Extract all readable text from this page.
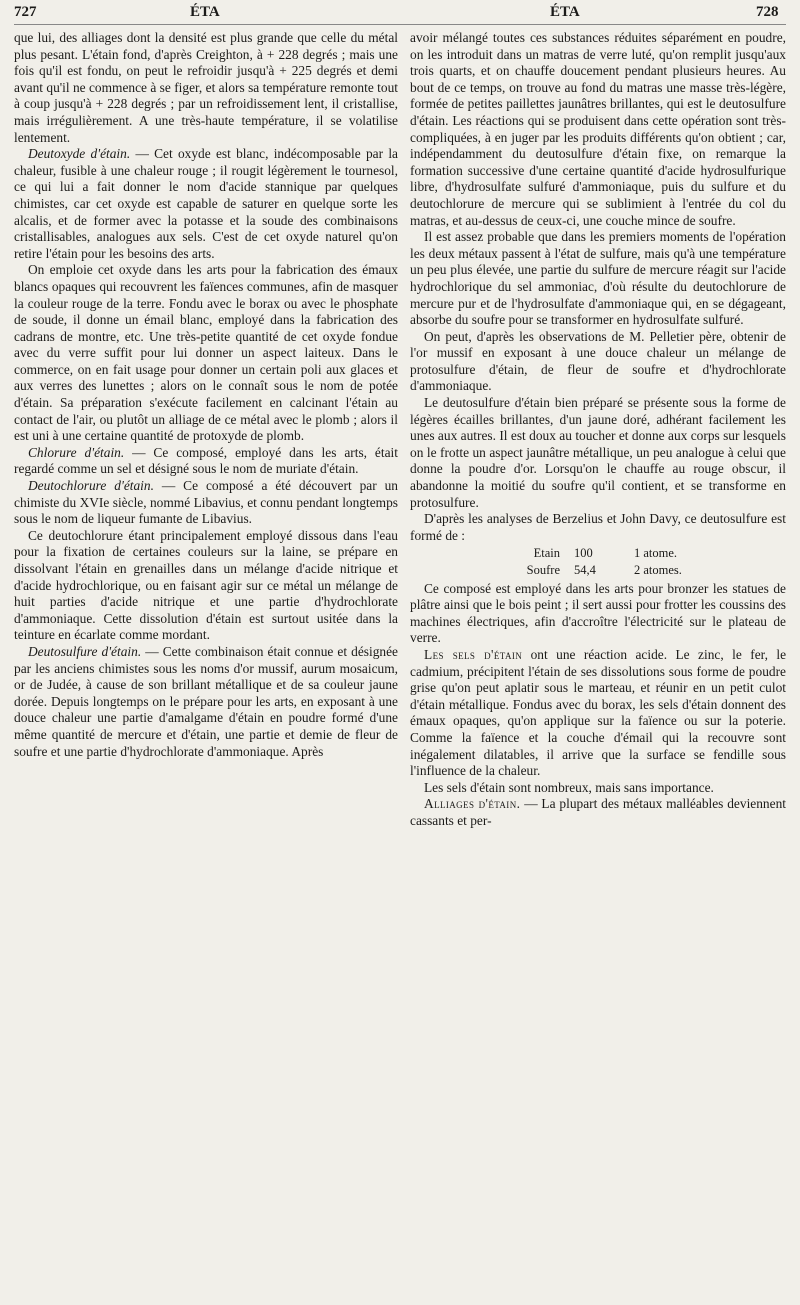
727	ÉTA	ÉTA	728

que lui, des alliages dont la densité est plus grande que celle du métal plus pesant. L'étain fond, d'après Creighton, à + 228 degrés ; mais une fois qu'il est fondu, on peut le refroidir jusqu'à + 225 degrés et demi avant qu'il ne commence à se figer, et alors sa température remonte tout à coup jusqu'à + 228 degrés ; par un refroidissement lent, il cristallise, mais irrégulièrement. A une très-haute température, il se volatilise lentement.

Deutoxyde d'étain. — Cet oxyde est blanc, indécomposable par la chaleur, fusible à une chaleur rouge ; il rougit légèrement le tournesol, ce qui lui a fait donner le nom d'acide stannique par quelques chimistes, car cet oxyde est capable de saturer en quelque sorte les alcalis, et de former avec la potasse et la soude des combinaisons cristallisables, analogues aux sels. C'est de cet oxyde naturel qu'on retire l'étain pour les besoins des arts.

On emploie cet oxyde dans les arts pour la fabrication des émaux blancs opaques qui recouvrent les faïences communes, afin de masquer la couleur rouge de la terre. Fondu avec le borax ou avec le phosphate de soude, il donne un émail blanc, employé dans la fabrication des cadrans de montre, etc. Une très-petite quantité de cet oxyde fondue avec du verre suffit pour lui donner un aspect laiteux. Dans le commerce, on en fait usage pour donner un certain poli aux glaces et aux verres des lunettes ; alors on le connaît sous le nom de potée d'étain. Sa préparation s'exécute facilement en calcinant l'étain au contact de l'air, ou plutôt un alliage de ce métal avec le plomb ; alors il est uni à une certaine quantité de protoxyde de plomb.

Chlorure d'étain. — Ce composé, employé dans les arts, était regardé comme un sel et désigné sous le nom de muriate d'étain.

Deutochlorure d'étain. — Ce composé a été découvert par un chimiste du XVIe siècle, nommé Libavius, et connu pendant longtemps sous le nom de liqueur fumante de Libavius.

Ce deutochlorure étant principalement employé dissous dans l'eau pour la fixation de certaines couleurs sur la laine, se prépare en dissolvant l'étain en grenailles dans un mélange d'acide nitrique et d'acide hydrochlorique, ou en faisant agir sur ce métal un mélange de huit parties d'acide nitrique et une partie d'hydrochlorate d'ammoniaque. Cette dissolution d'étain est surtout usitée dans la teinture en écarlate comme mordant.

Deutosulfure d'étain. — Cette combinaison était connue et désignée par les anciens chimistes sous les noms d'or mussif, aurum mosaicum, or de Judée, à cause de son brillant métallique et de sa couleur jaune dorée. Depuis longtemps on le prépare pour les arts, en exposant à une douce chaleur une partie d'amalgame d'étain en poudre formé d'une même quantité de mercure et d'étain, une partie et demie de fleur de soufre et une partie d'hydrochlorate d'ammoniaque. Après

avoir mélangé toutes ces substances réduites séparément en poudre, on les introduit dans un matras de verre luté, qu'on remplit jusqu'aux trois quarts, et on chauffe doucement pendant plusieurs heures. Au bout de ce temps, on trouve au fond du matras une masse très-légère, formée de petites paillettes jaunâtres brillantes, qui est le deutosulfure d'étain. Les réactions qui se produisent dans cette opération sont très-compliquées, à en juger par les produits différents qu'on obtient ; car, indépendamment du deutosulfure d'étain fixe, on remarque la formation successive d'une certaine quantité d'acide hydrosulfurique libre, d'hydrosulfate sulfuré d'ammoniaque, puis du sulfure et du deutochlorure de mercure qui se sublimient à l'entrée du col du matras, et au-dessus de ceux-ci, une couche mince de soufre.

Il est assez probable que dans les premiers moments de l'opération les deux métaux passent à l'état de sulfure, mais qu'à une température un peu plus élevée, une partie du sulfure de mercure réagit sur l'acide hydrochlorique du sel ammoniac, d'où résulte du deutochlorure de mercure pur et de l'hydrosulfate d'ammoniaque qui, en se dégageant, absorbe du soufre pour se transformer en hydrosulfate sulfuré.

On peut, d'après les observations de M. Pelletier père, obtenir de l'or mussif en exposant à une douce chaleur un mélange de protosulfure d'étain, de fleur de soufre et d'hydrochlorate d'ammoniaque.

Le deutosulfure d'étain bien préparé se présente sous la forme de légères écailles brillantes, d'un jaune doré, adhérant facilement les unes aux autres. Il est doux au toucher et donne aux corps sur lesquels on le frotte un aspect jaunâtre métallique, un peu analogue à celui que donne la poudre d'or. Lorsqu'on le chauffe au rouge obscur, il abandonne la moitié du soufre qu'il contient, et se transforme en protosulfure.

D'après les analyses de Berzelius et John Davy, ce deutosulfure est formé de :

Etain	100	1 atome.
Soufre	54,4	2 atomes.

Ce composé est employé dans les arts pour bronzer les statues de plâtre ainsi que le bois peint ; il sert aussi pour frotter les coussins des machines électriques, afin d'accroître l'électricité sur le plateau de verre.

Les sels d'étain ont une réaction acide. Le zinc, le fer, le cadmium, précipitent l'étain de ses dissolutions sous forme de poudre grise qu'on peut aplatir sous le marteau, et réunir en un petit culot d'étain métallique. Fondus avec du borax, les sels d'étain donnent des émaux opaques, qu'on applique sur la faïence ou sur la poterie. Comme la faïence et la couche d'émail qui la recouvre sont inégalement dilatables, il arrive que la surface se fendille sous l'influence de la chaleur.

Les sels d'étain sont nombreux, mais sans importance.

Alliages d'étain. — La plupart des métaux malléables deviennent cassants et per-
